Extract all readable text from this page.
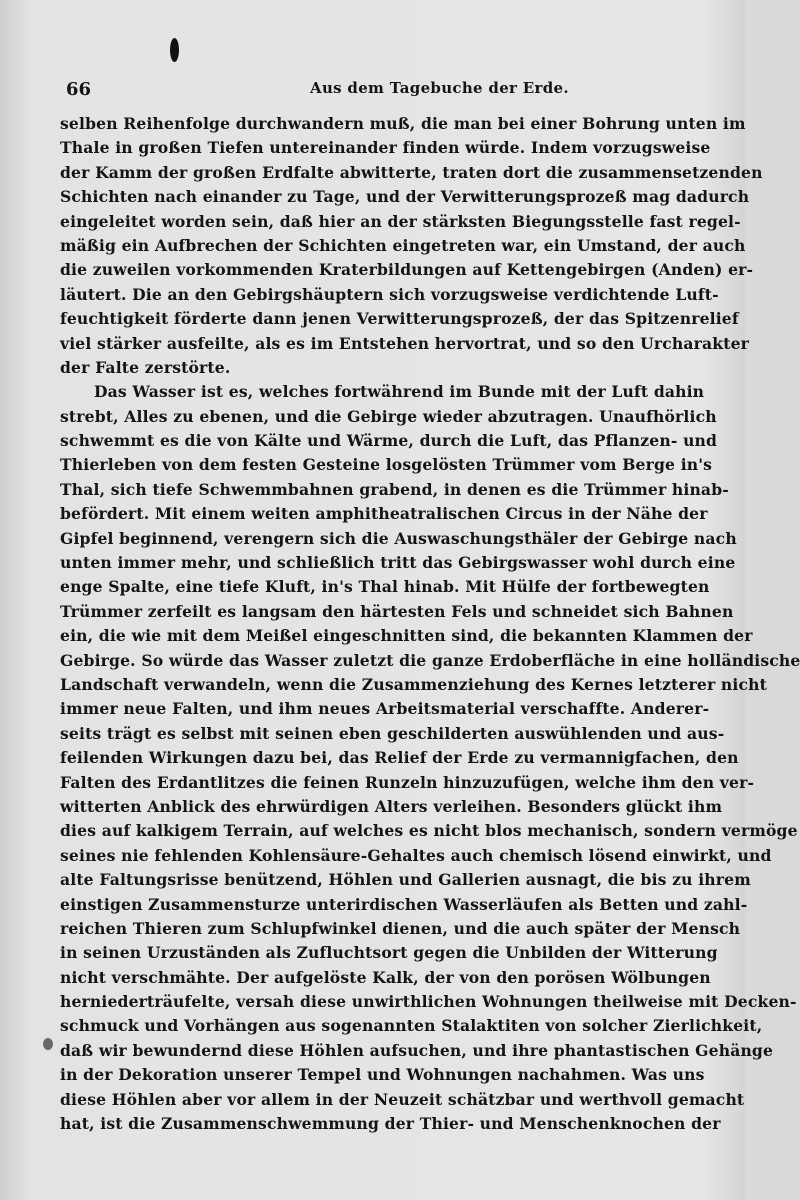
66	Aus dem Tagebuche der Erde.
selben Reihenfolge durchwandern muß, die man bei einer Bohrung unten im
Thale in großen Tiefen untereinander finden würde. Indem vorzugsweise
der Kamm der großen Erdfalte abwitterte, traten dort die zusammensetzenden
Schichten nach einander zu Tage, und der Verwitterungsprozeß mag dadurch
eingeleitet worden sein, daß hier an der stärksten Biegungsstelle fast regel-
mäßig ein Aufbrechen der Schichten eingetreten war, ein Umstand, der auch
die zuweilen vorkommenden Kraterbildungen auf Kettengebirgen (Anden) er-
läutert. Die an den Gebirgshäuptern sich vorzugsweise verdichtende Luft-
feuchtigkeit förderte dann jenen Verwitterungsprozeß, der das Spitzenrelief
viel stärker ausfeilte, als es im Entstehen hervortrat, und so den Urcharakter
der Falte zerstörte.
Das Wasser ist es, welches fortwährend im Bunde mit der Luft dahin
strebt, Alles zu ebenen, und die Gebirge wieder abzutragen. Unaufhörlich
schwemmt es die von Kälte und Wärme, durch die Luft, das Pflanzen- und
Thierleben von dem festen Gesteine losgelösten Trümmer vom Berge in's
Thal, sich tiefe Schwemmbahnen grabend, in denen es die Trümmer hinab-
befördert. Mit einem weiten amphitheatralischen Circus in der Nähe der
Gipfel beginnend, verengern sich die Auswaschungsthäler der Gebirge nach
unten immer mehr, und schließlich tritt das Gebirgswasser wohl durch eine
enge Spalte, eine tiefe Kluft, in's Thal hinab. Mit Hülfe der fortbewegten
Trümmer zerfeilt es langsam den härtesten Fels und schneidet sich Bahnen
ein, die wie mit dem Meißel eingeschnitten sind, die bekannten Klammen der
Gebirge. So würde das Wasser zuletzt die ganze Erdoberfläche in eine holländische
Landschaft verwandeln, wenn die Zusammenziehung des Kernes letzterer nicht
immer neue Falten, und ihm neues Arbeitsmaterial verschaffte. Anderer-
seits trägt es selbst mit seinen eben geschilderten auswühlenden und aus-
feilenden Wirkungen dazu bei, das Relief der Erde zu vermannigfachen, den
Falten des Erdantlitzes die feinen Runzeln hinzuzufügen, welche ihm den ver-
witterten Anblick des ehrwürdigen Alters verleihen. Besonders glückt ihm
dies auf kalkigem Terrain, auf welches es nicht blos mechanisch, sondern vermöge
seines nie fehlenden Kohlensäure-Gehaltes auch chemisch lösend einwirkt, und
alte Faltungsrisse benützend, Höhlen und Gallerien ausnagt, die bis zu ihrem
einstigen Zusammensturze unterirdischen Wasserläufen als Betten und zahl-
reichen Thieren zum Schlupfwinkel dienen, und die auch später der Mensch
in seinen Urzuständen als Zufluchtsort gegen die Unbilden der Witterung
nicht verschmähte. Der aufgelöste Kalk, der von den porösen Wölbungen
herniederträufelte, versah diese unwirthlichen Wohnungen theilweise mit Decken-
schmuck und Vorhängen aus sogenannten Stalaktiten von solcher Zierlichkeit,
daß wir bewundernd diese Höhlen aufsuchen, und ihre phantastischen Gehänge
in der Dekoration unserer Tempel und Wohnungen nachahmen. Was uns
diese Höhlen aber vor allem in der Neuzeit schätzbar und werthvoll gemacht
hat, ist die Zusammenschwemmung der Thier- und Menschenknochen der
